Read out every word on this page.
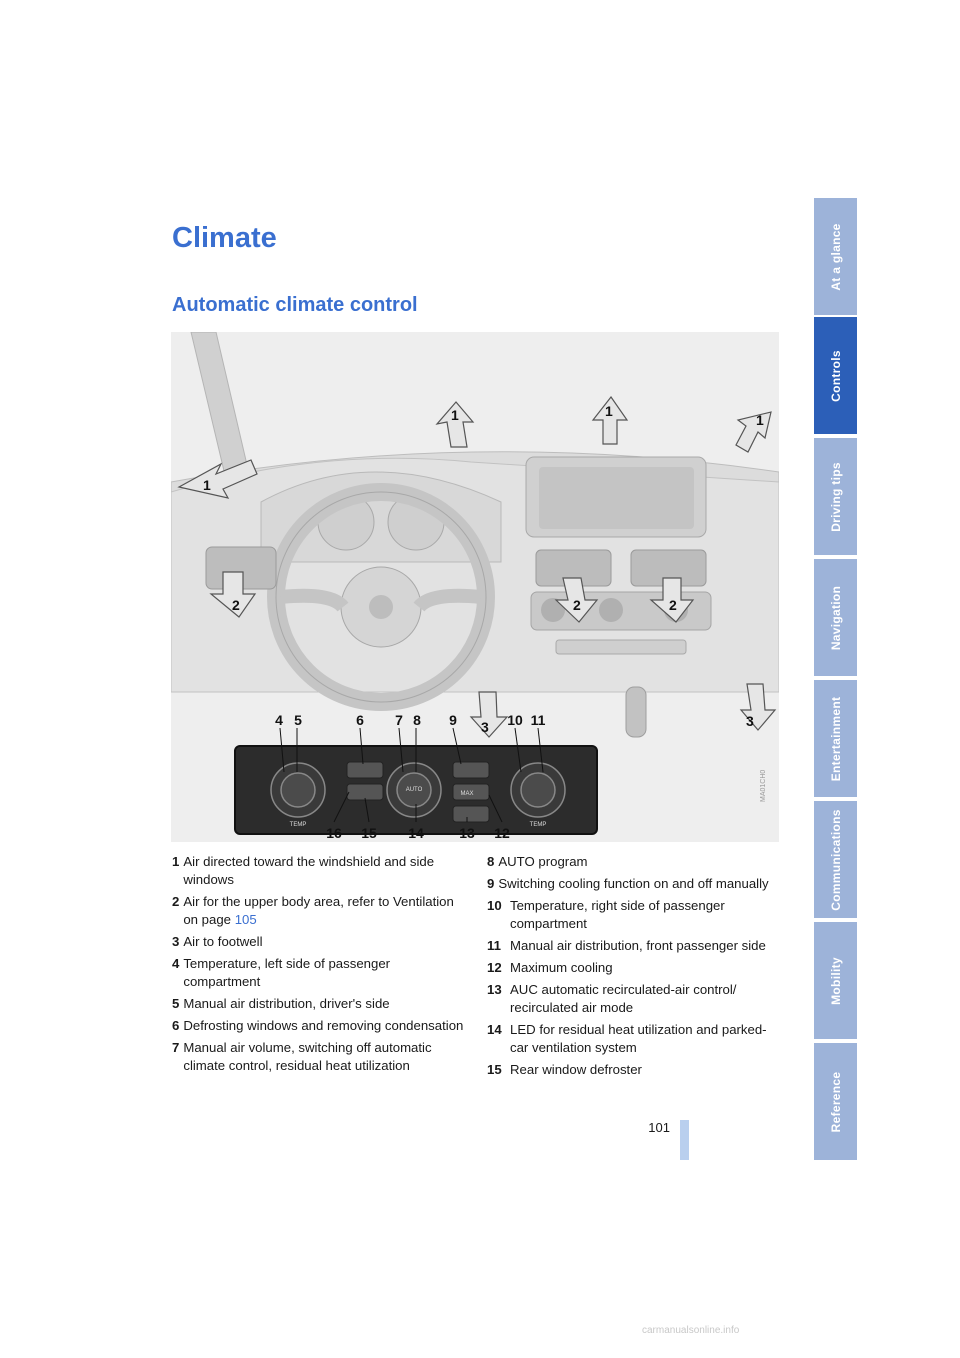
Climate
Automatic climate control
1
1	1
1
2	2	2
3	3
TEMP
AUTO
MAX
TEMP
4 5	6 7 8 9	10 11
16 15 14	13 12
MA01CH0
1 Air directed toward the windshield and side windows
2 Air for the upper body area, refer to Ventilation on page 105
3 Air to footwell
4 Temperature, left side of passenger compartment
5 Manual air distribution, driver's side
6 Defrosting windows and removing condensation
7 Manual air volume, switching off automatic climate control, residual heat utilization
8 AUTO program
9 Switching cooling function on and off manually
10 Temperature, right side of passenger compartment
11 Manual air distribution, front passenger side
12 Maximum cooling
13 AUC automatic recirculated-air control/ recirculated air mode
14 LED for residual heat utilization and parked-car ventilation system
15 Rear window defroster
101
At a glance
Controls
Driving tips
Navigation
Entertainment
Communications
Mobility
Reference
carmanualsonline.info
